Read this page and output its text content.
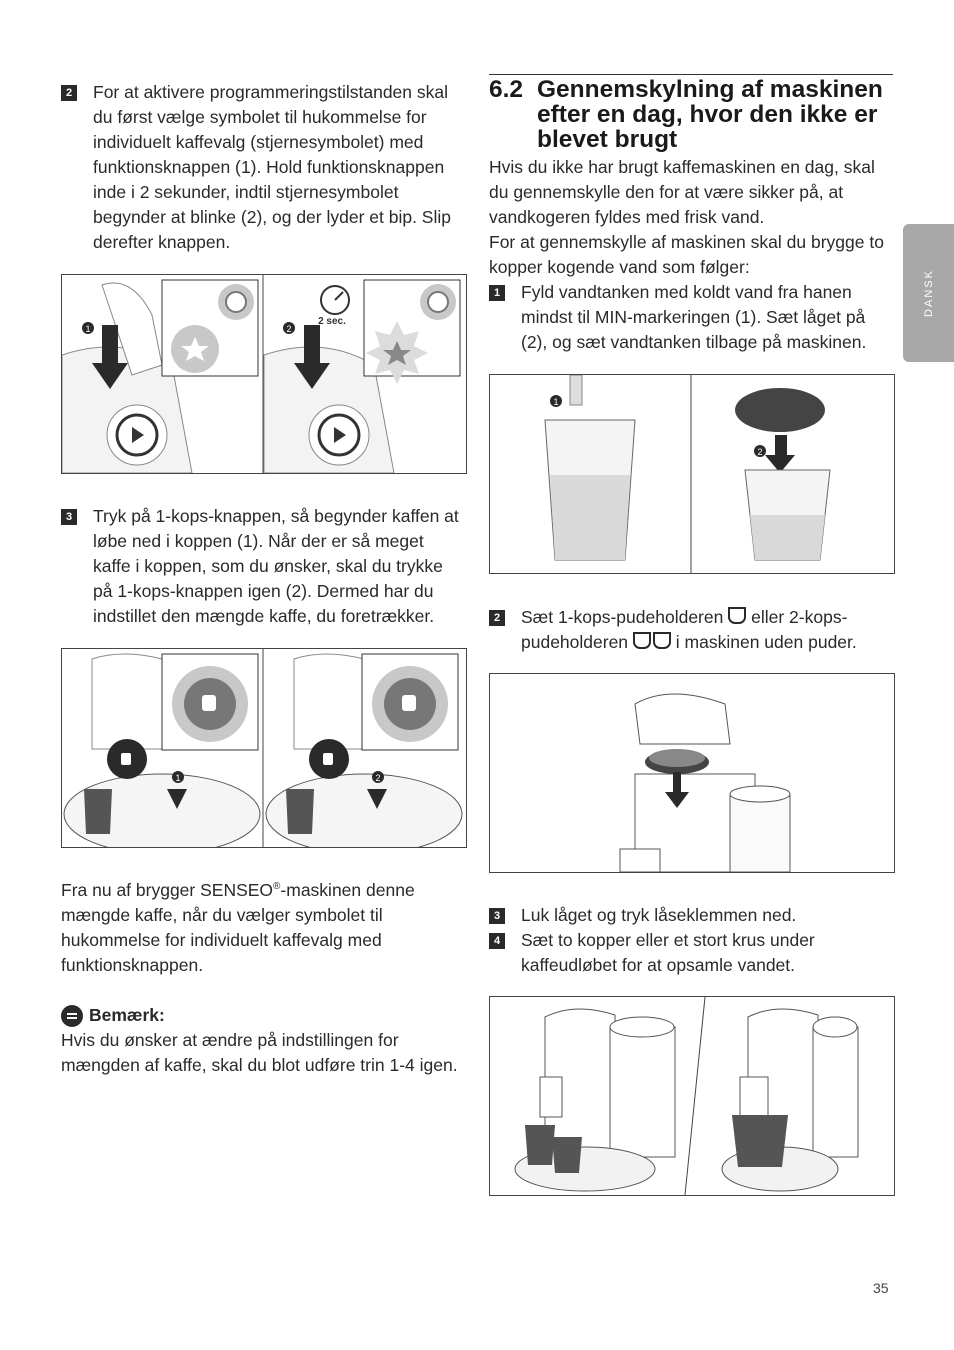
2 For at aktivere programmeringstilstanden skal du først vælge symbolet til hukommelse for individuelt kaffevalg (stjernesymbolet) med funktionsknappen (1). Hold funktionsknappen inde i 2 sekunder, indtil stjernesymbolet begynder at blinke (2), og der lyder et bip. Slip derefter knappen.
1
2 sec.
2
3 Tryk på 1-kops-knappen, så begynder kaffen at løbe ned i koppen (1). Når der er så meget kaffe i koppen, som du ønsker, skal du trykke på 1-kops-knappen igen (2). Dermed har du indstillet den mængde kaffe, du foretrækker.
1	2

Fra nu af brygger SENSEO®-maskinen denne mængde kaffe, når du vælger symbolet til hukommelse for individuelt kaffevalg med funktionsknappen.

Bemærk:
Hvis du ønsker at ændre på indstillingen for mængden af kaffe, skal du blot udføre trin 1-4 igen.
6.2 Gennemskylning af maskinen efter en dag, hvor den ikke er blevet brugt
Hvis du ikke har brugt kaffemaskinen en dag, skal du gennemskylle den for at være sikker på, at vandkogeren fyldes med frisk vand.
For at gennemskylle af maskinen skal du brygge to kopper kogende vand som følger:
1 Fyld vandtanken med koldt vand fra hanen mindst til MIN-markeringen (1). Sæt låget på (2), og sæt vandtanken tilbage på maskinen.
1
2
2 Sæt 1-kops-pudeholderen eller 2-kops-pudeholderen	i maskinen uden puder.
3 Luk låget og tryk låseklemmen ned.
4 Sæt to kopper eller et stort krus under kaffeudløbet for at opsamle vandet.
DANSK
35
